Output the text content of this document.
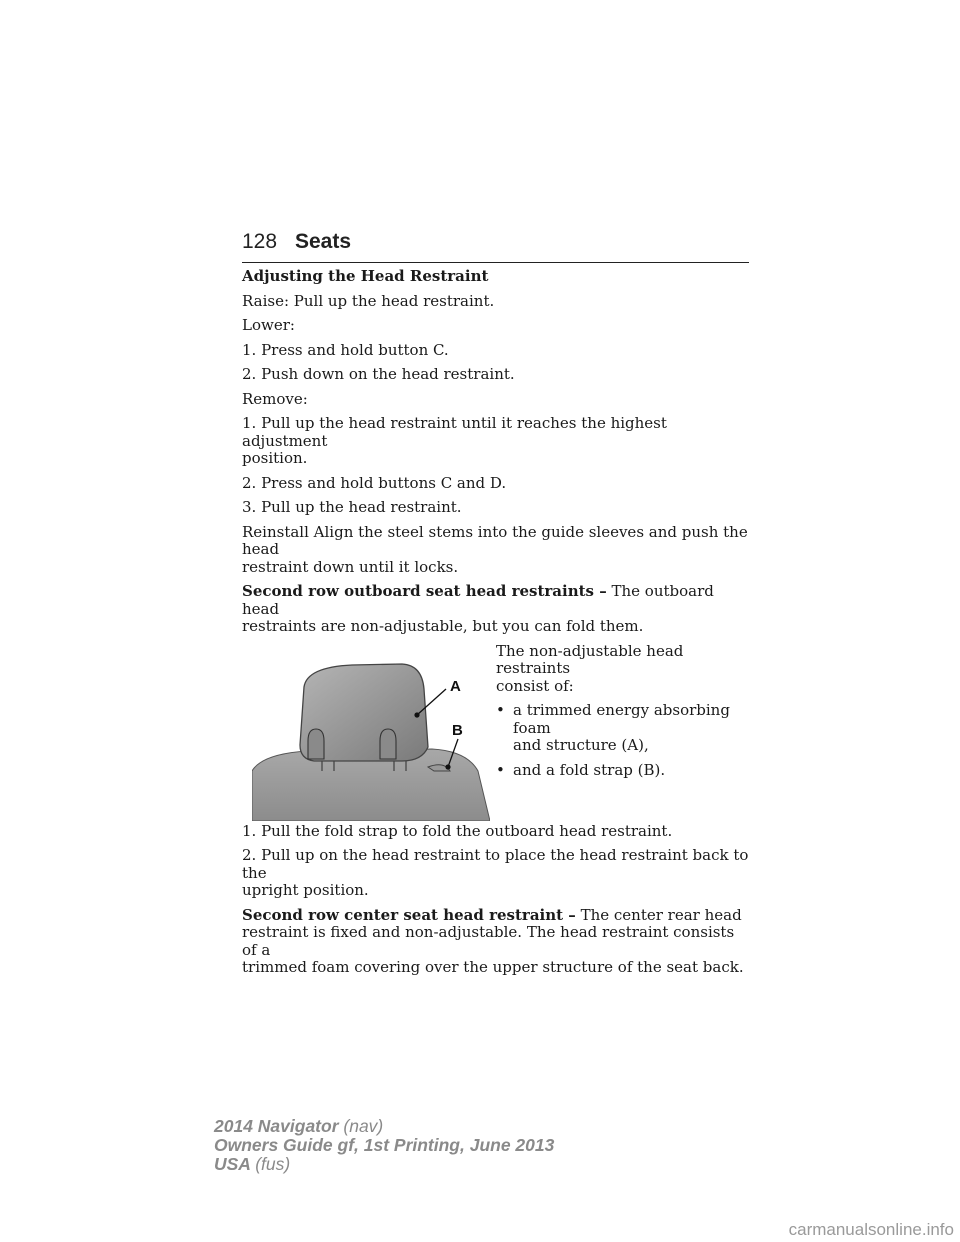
128 Seats
Adjusting the Head Restraint
Raise: Pull up the head restraint.
Lower:
1. Press and hold button C.
2. Push down on the head restraint.
Remove:
1. Pull up the head restraint until it reaches the highest adjustment
position.
2. Press and hold buttons C and D.
3. Pull up the head restraint.
Reinstall Align the steel stems into the guide sleeves and push the head
restraint down until it locks.
Second row outboard seat head restraints – The outboard head
restraints are non-adjustable, but you can fold them.
A
B
The non-adjustable head restraints
consist of:
• a trimmed energy absorbing foam
and structure (A),
• and a fold strap (B).
1. Pull the fold strap to fold the outboard head restraint.
2. Pull up on the head restraint to place the head restraint back to the
upright position.
Second row center seat head restraint – The center rear head
restraint is fixed and non-adjustable. The head restraint consists of a
trimmed foam covering over the upper structure of the seat back.
2014 Navigator (nav)
Owners Guide gf, 1st Printing, June 2013
USA (fus)
carmanualsonline.info
